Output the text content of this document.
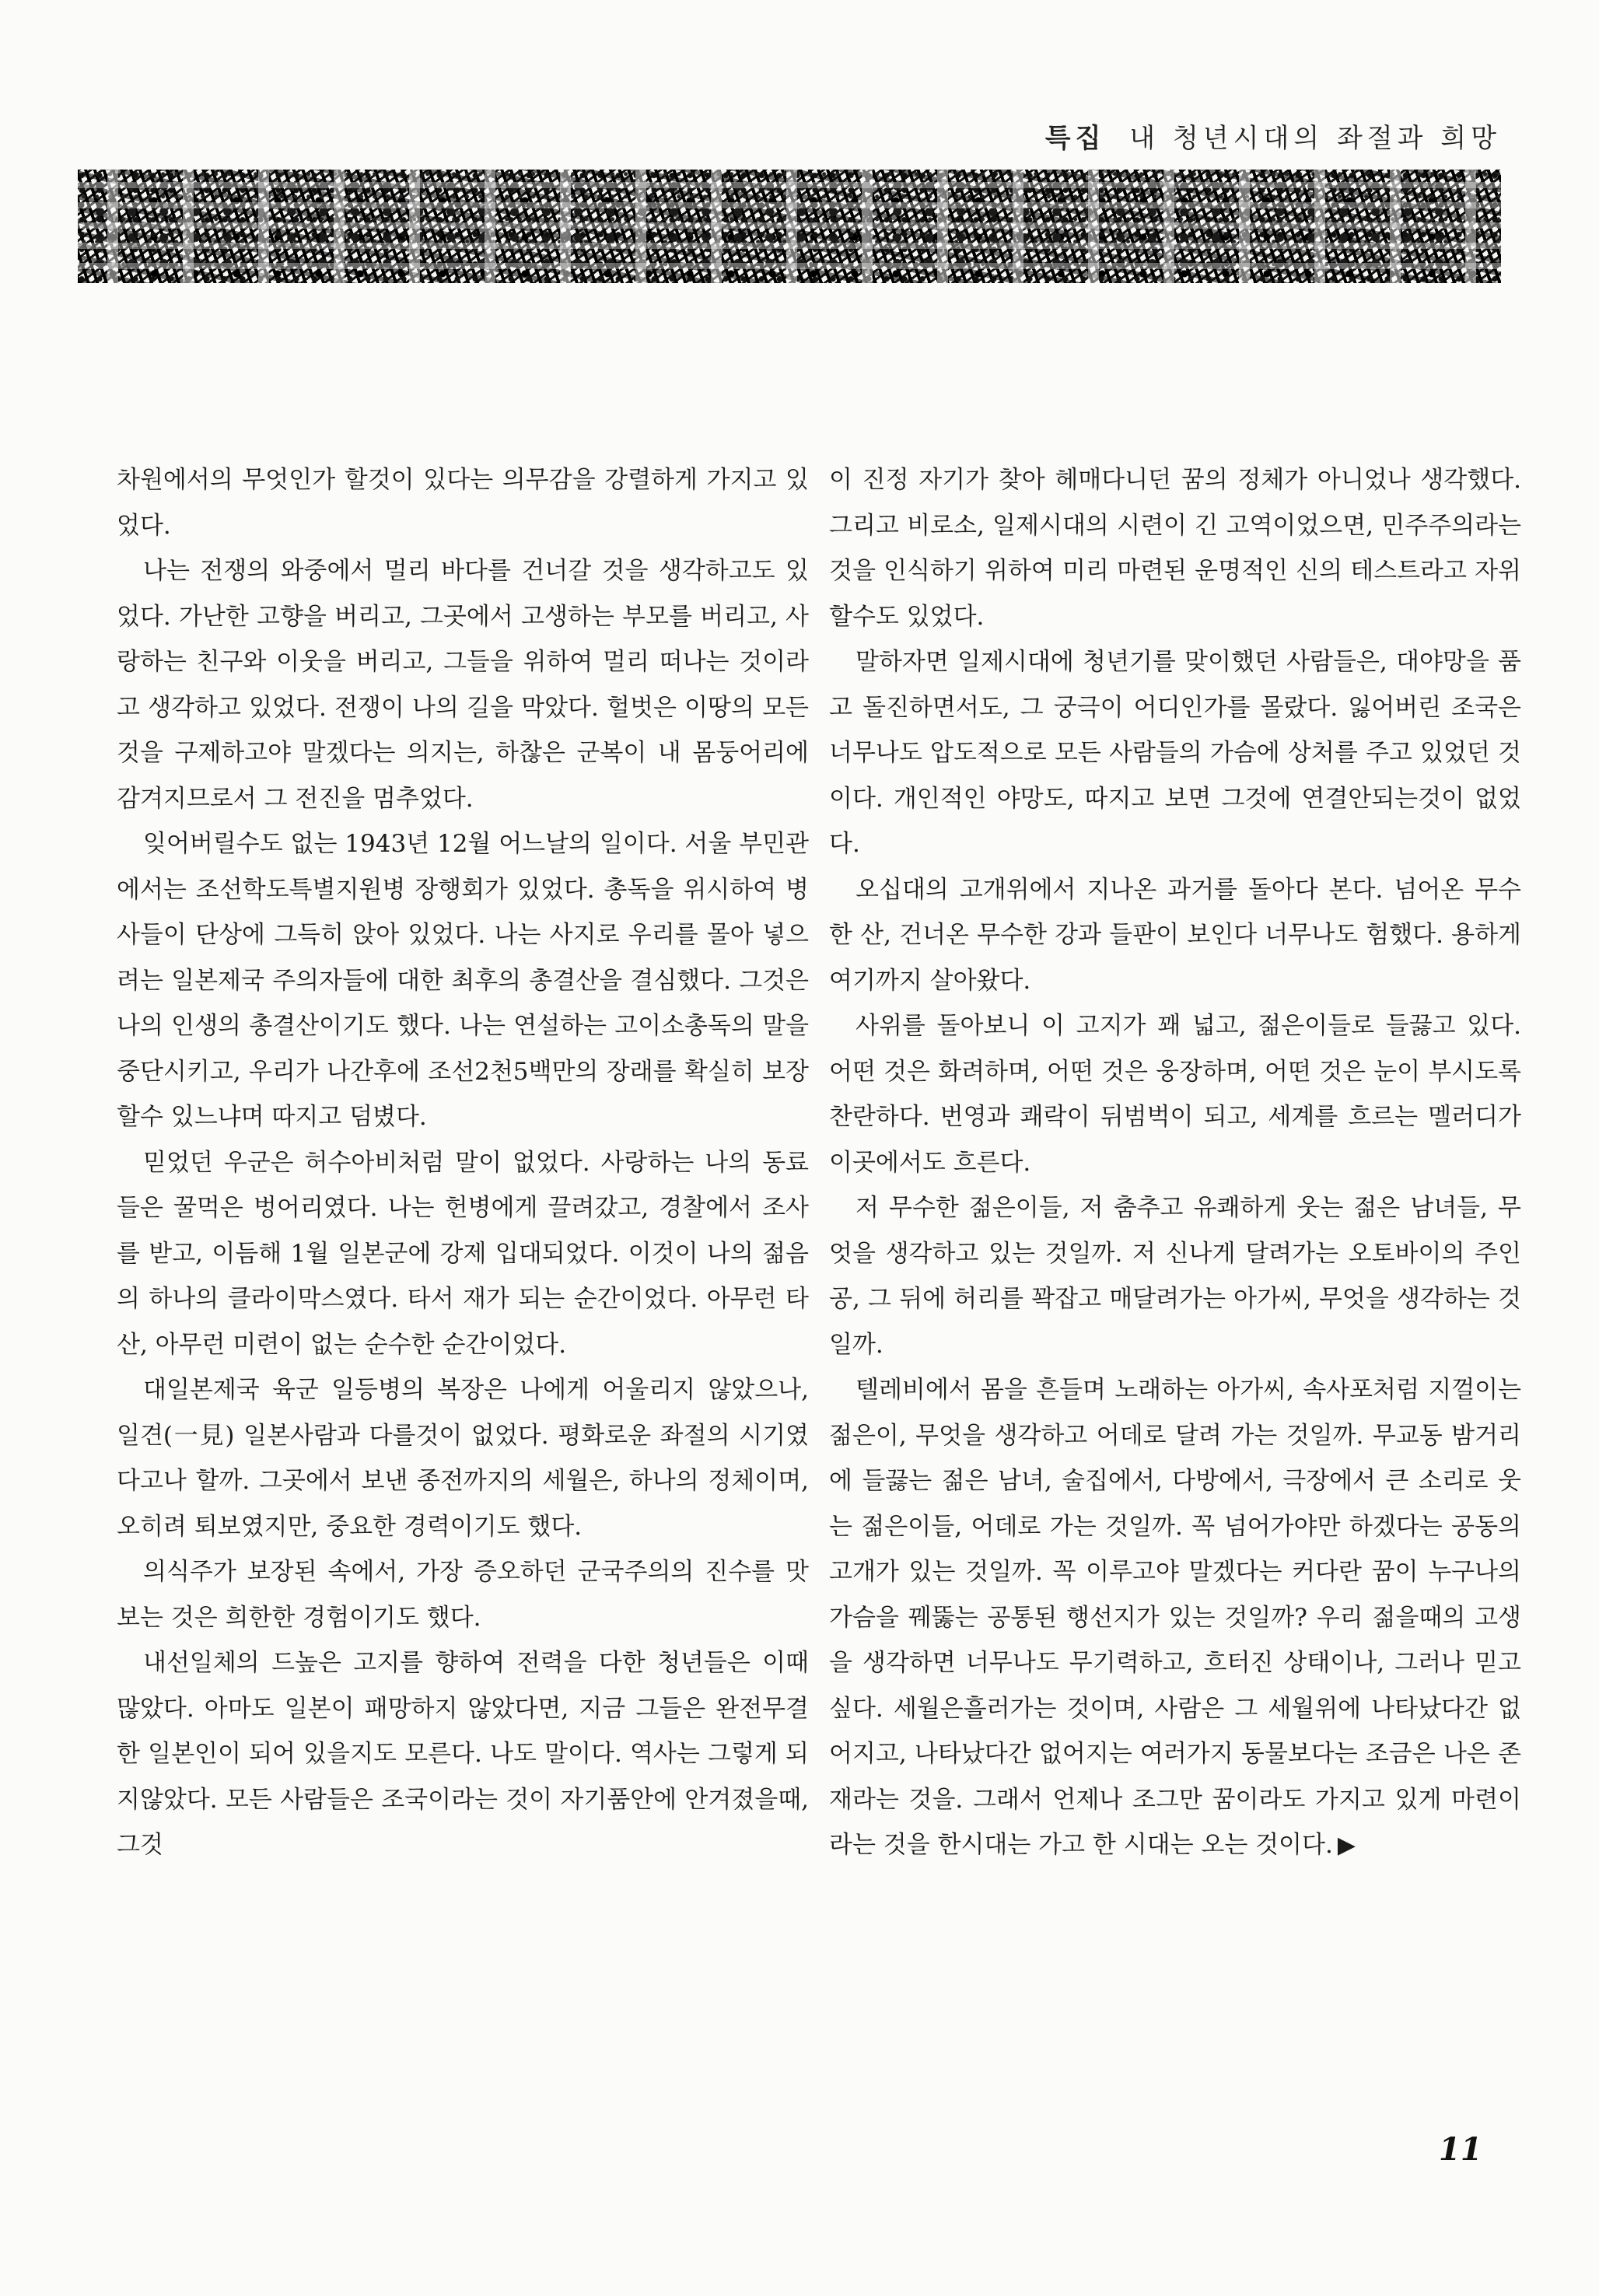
특집 내 청년시대의 좌절과 희망

차원에서의 무엇인가 할것이 있다는 의무감을 강렬하게 가지고 있었다.

나는 전쟁의 와중에서 멀리 바다를 건너갈 것을 생각하고도 있었다. 가난한 고향을 버리고, 그곳에서 고생하는 부모를 버리고, 사랑하는 친구와 이웃을 버리고, 그들을 위하여 멀리 떠나는 것이라고 생각하고 있었다. 전쟁이 나의 길을 막았다. 헐벗은 이땅의 모든 것을 구제하고야 말겠다는 의지는, 하찮은 군복이 내 몸둥어리에 감겨지므로서 그 전진을 멈추었다.

잊어버릴수도 없는 1943년 12월 어느날의 일이다. 서울 부민관에서는 조선학도특별지원병 장행회가 있었다. 총독을 위시하여 병사들이 단상에 그득히 앉아 있었다. 나는 사지로 우리를 몰아 넣으려는 일본제국 주의자들에 대한 최후의 총결산을 결심했다. 그것은 나의 인생의 총결산이기도 했다. 나는 연설하는 고이소총독의 말을 중단시키고, 우리가 나간후에 조선2천5백만의 장래를 확실히 보장할수 있느냐며 따지고 덤볐다.

믿었던 우군은 허수아비처럼 말이 없었다. 사랑하는 나의 동료들은 꿀먹은 벙어리였다. 나는 헌병에게 끌려갔고, 경찰에서 조사를 받고, 이듬해 1월 일본군에 강제 입대되었다. 이것이 나의 젊음의 하나의 클라이막스였다. 타서 재가 되는 순간이었다. 아무런 타산, 아무런 미련이 없는 순수한 순간이었다.

대일본제국 육군 일등병의 복장은 나에게 어울리지 않았으나, 일견(一見) 일본사람과 다를것이 없었다. 평화로운 좌절의 시기였다고나 할까. 그곳에서 보낸 종전까지의 세월은, 하나의 정체이며, 오히려 퇴보였지만, 중요한 경력이기도 했다.

의식주가 보장된 속에서, 가장 증오하던 군국주의의 진수를 맛보는 것은 희한한 경험이기도 했다.

내선일체의 드높은 고지를 향하여 전력을 다한 청년들은 이때 많았다. 아마도 일본이 패망하지 않았다면, 지금 그들은 완전무결한 일본인이 되어 있을지도 모른다. 나도 말이다. 역사는 그렇게 되지않았다. 모든 사람들은 조국이라는 것이 자기품안에 안겨졌을때, 그것

이 진정 자기가 찾아 헤매다니던 꿈의 정체가 아니었나 생각했다. 그리고 비로소, 일제시대의 시련이 긴 고역이었으면, 민주주의라는 것을 인식하기 위하여 미리 마련된 운명적인 신의 테스트라고 자위할수도 있었다.

말하자면 일제시대에 청년기를 맞이했던 사람들은, 대야망을 품고 돌진하면서도, 그 궁극이 어디인가를 몰랐다. 잃어버린 조국은 너무나도 압도적으로 모든 사람들의 가슴에 상처를 주고 있었던 것이다. 개인적인 야망도, 따지고 보면 그것에 연결안되는것이 없었다.

오십대의 고개위에서 지나온 과거를 돌아다 본다. 넘어온 무수한 산, 건너온 무수한 강과 들판이 보인다 너무나도 험했다. 용하게 여기까지 살아왔다.

사위를 돌아보니 이 고지가 꽤 넓고, 젊은이들로 들끓고 있다. 어떤 것은 화려하며, 어떤 것은 웅장하며, 어떤 것은 눈이 부시도록 찬란하다. 번영과 쾌락이 뒤범벅이 되고, 세계를 흐르는 멜러디가 이곳에서도 흐른다.

저 무수한 젊은이들, 저 춤추고 유쾌하게 웃는 젊은 남녀들, 무엇을 생각하고 있는 것일까. 저 신나게 달려가는 오토바이의 주인공, 그 뒤에 허리를 꽉잡고 매달려가는 아가씨, 무엇을 생각하는 것일까.

텔레비에서 몸을 흔들며 노래하는 아가씨, 속사포처럼 지껄이는 젊은이, 무엇을 생각하고 어데로 달려 가는 것일까. 무교동 밤거리에 들끓는 젊은 남녀, 술집에서, 다방에서, 극장에서 큰 소리로 웃는 젊은이들, 어데로 가는 것일까. 꼭 넘어가야만 하겠다는 공동의 고개가 있는 것일까. 꼭 이루고야 말겠다는 커다란 꿈이 누구나의 가슴을 꿰뚫는 공통된 행선지가 있는 것일까? 우리 젊을때의 고생을 생각하면 너무나도 무기력하고, 흐터진 상태이나, 그러나 믿고싶다. 세월은흘러가는 것이며, 사람은 그 세월위에 나타났다간 없어지고, 나타났다간 없어지는 여러가지 동물보다는 조금은 나은 존재라는 것을. 그래서 언제나 조그만 꿈이라도 가지고 있게 마련이라는 것을 한시대는 가고 한 시대는 오는 것이다. ▶

11
